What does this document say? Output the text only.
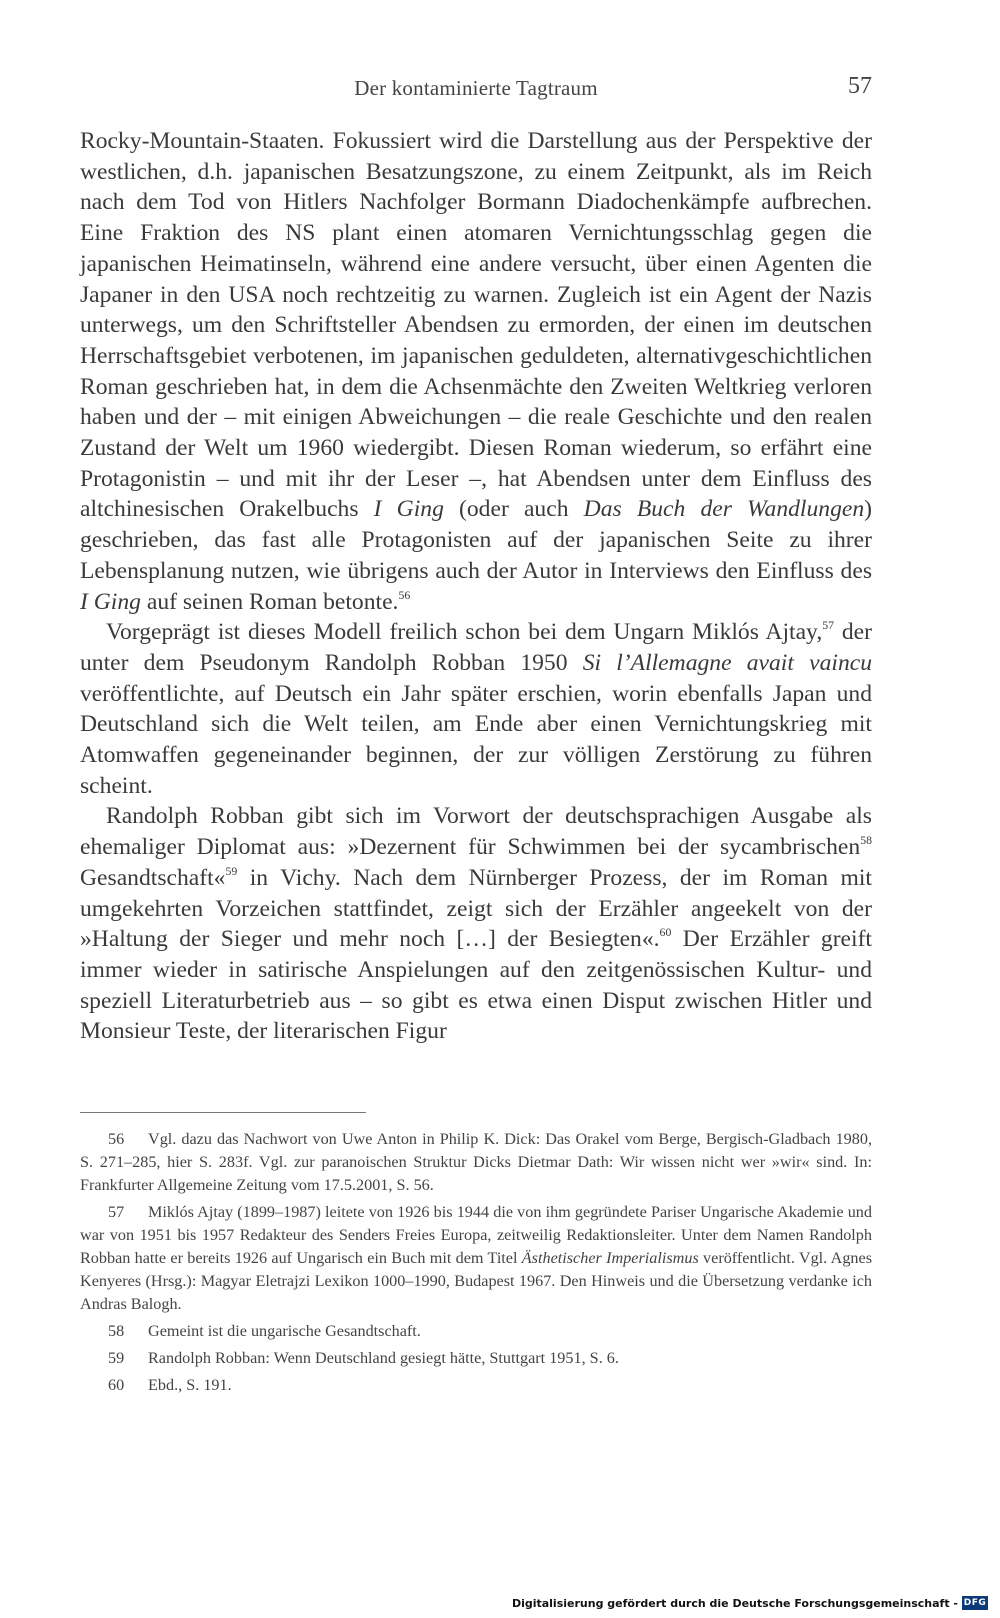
Der kontaminierte Tagtraum	57

Rocky-Mountain-Staaten. Fokussiert wird die Darstellung aus der Perspektive der westlichen, d.h. japanischen Besatzungszone, zu einem Zeitpunkt, als im Reich nach dem Tod von Hitlers Nachfolger Bormann Diadochenkämpfe aufbrechen. Eine Fraktion des NS plant einen atomaren Vernichtungsschlag gegen die japanischen Heimatinseln, während eine andere versucht, über einen Agenten die Japaner in den USA noch rechtzeitig zu warnen. Zugleich ist ein Agent der Nazis unterwegs, um den Schriftsteller Abendsen zu ermorden, der einen im deutschen Herrschaftsgebiet verbotenen, im japanischen geduldeten, alternativgeschichtlichen Roman geschrieben hat, in dem die Achsenmächte den Zweiten Weltkrieg verloren haben und der – mit einigen Abweichungen – die reale Geschichte und den realen Zustand der Welt um 1960 wiedergibt. Diesen Roman wiederum, so erfährt eine Protagonistin – und mit ihr der Leser –, hat Abendsen unter dem Einfluss des altchinesischen Orakelbuchs I Ging (oder auch Das Buch der Wandlungen) geschrieben, das fast alle Protagonisten auf der japanischen Seite zu ihrer Lebensplanung nutzen, wie übrigens auch der Autor in Interviews den Einfluss des I Ging auf seinen Roman betonte.$^{56}$

Vorgeprägt ist dieses Modell freilich schon bei dem Ungarn Miklós Ajtay,$^{57}$ der unter dem Pseudonym Randolph Robban 1950 Si l’Allemagne avait vaincu veröffentlichte, auf Deutsch ein Jahr später erschien, worin ebenfalls Japan und Deutschland sich die Welt teilen, am Ende aber einen Vernichtungskrieg mit Atomwaffen gegeneinander beginnen, der zur völligen Zerstörung zu führen scheint.

Randolph Robban gibt sich im Vorwort der deutschsprachigen Ausgabe als ehemaliger Diplomat aus: »Dezernent für Schwimmen bei der sycambrischen$^{58}$ Gesandtschaft«$^{59}$ in Vichy. Nach dem Nürnberger Prozess, der im Roman mit umgekehrten Vorzeichen stattfindet, zeigt sich der Erzähler angeekelt von der »Haltung der Sieger und mehr noch […] der Besiegten«.$^{60}$ Der Erzähler greift immer wieder in satirische Anspielungen auf den zeitgenössischen Kultur- und speziell Literaturbetrieb aus – so gibt es etwa einen Disput zwischen Hitler und Monsieur Teste, der literarischen Figur

56 Vgl. dazu das Nachwort von Uwe Anton in Philip K. Dick: Das Orakel vom Berge, Bergisch-Gladbach 1980, S. 271–285, hier S. 283f. Vgl. zur paranoischen Struktur Dicks Dietmar Dath: Wir wissen nicht wer »wir« sind. In: Frankfurter Allgemeine Zeitung vom 17.5.2001, S. 56.

57 Miklós Ajtay (1899–1987) leitete von 1926 bis 1944 die von ihm gegründete Pariser Ungarische Akademie und war von 1951 bis 1957 Redakteur des Senders Freies Europa, zeitweilig Redaktionsleiter. Unter dem Namen Randolph Robban hatte er bereits 1926 auf Ungarisch ein Buch mit dem Titel Ästhetischer Imperialismus veröffentlicht. Vgl. Agnes Kenyeres (Hrsg.): Magyar Eletrajzi Lexikon 1000–1990, Budapest 1967. Den Hinweis und die Übersetzung verdanke ich Andras Balogh.

58 Gemeint ist die ungarische Gesandtschaft.

59 Randolph Robban: Wenn Deutschland gesiegt hätte, Stuttgart 1951, S. 6.

60 Ebd., S. 191.

Digitalisierung gefördert durch die Deutsche Forschungsgemeinschaft - DFG
